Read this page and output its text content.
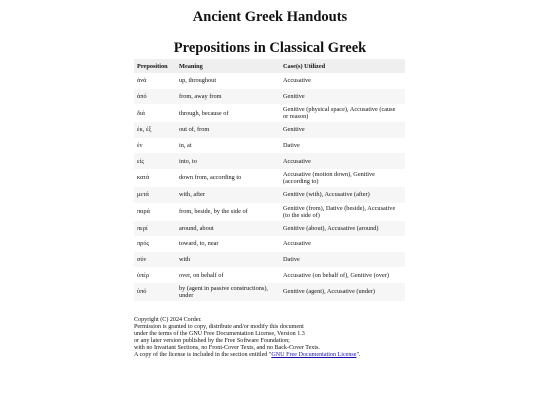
Ancient Greek Handouts
Prepositions in Classical Greek
Preposition	Meaning	Case(s) Utilized
ἀνά	up, throughout	Accusative
ἀπό	from, away from	Genitive
διά	through, because of	Genitive (physical space), Accusative (cause or reason)
ἐκ, ἐξ	out of, from	Genitive
ἐν	in, at	Dative
εἰς	into, to	Accusative
κατά	down from, according to	Accusative (motion down), Genitive (according to)
μετά	with, after	Genitive (with), Accusative (after)
παρά	from, beside, by the side of	Genitive (from), Dative (beside), Accusative (to the side of)
περί	around, about	Genitive (about), Accusative (around)
πρός	toward, to, near	Accusative
σύν	with	Dative
ὑπέρ	over, on behalf of	Accusative (on behalf of), Genitive (over)
ὑπό	by (agent in passive constructions), under	Genitive (agent), Accusative (under)
Copyright (C) 2024 Corder.
Permission is granted to copy, distribute and/or modify this document
under the terms of the GNU Free Documentation License, Version 1.3
or any later version published by the Free Software Foundation;
with no Invariant Sections, no Front-Cover Texts, and no Back-Cover Texts.
A copy of the license is included in the section entitled "GNU Free Documentation License".
